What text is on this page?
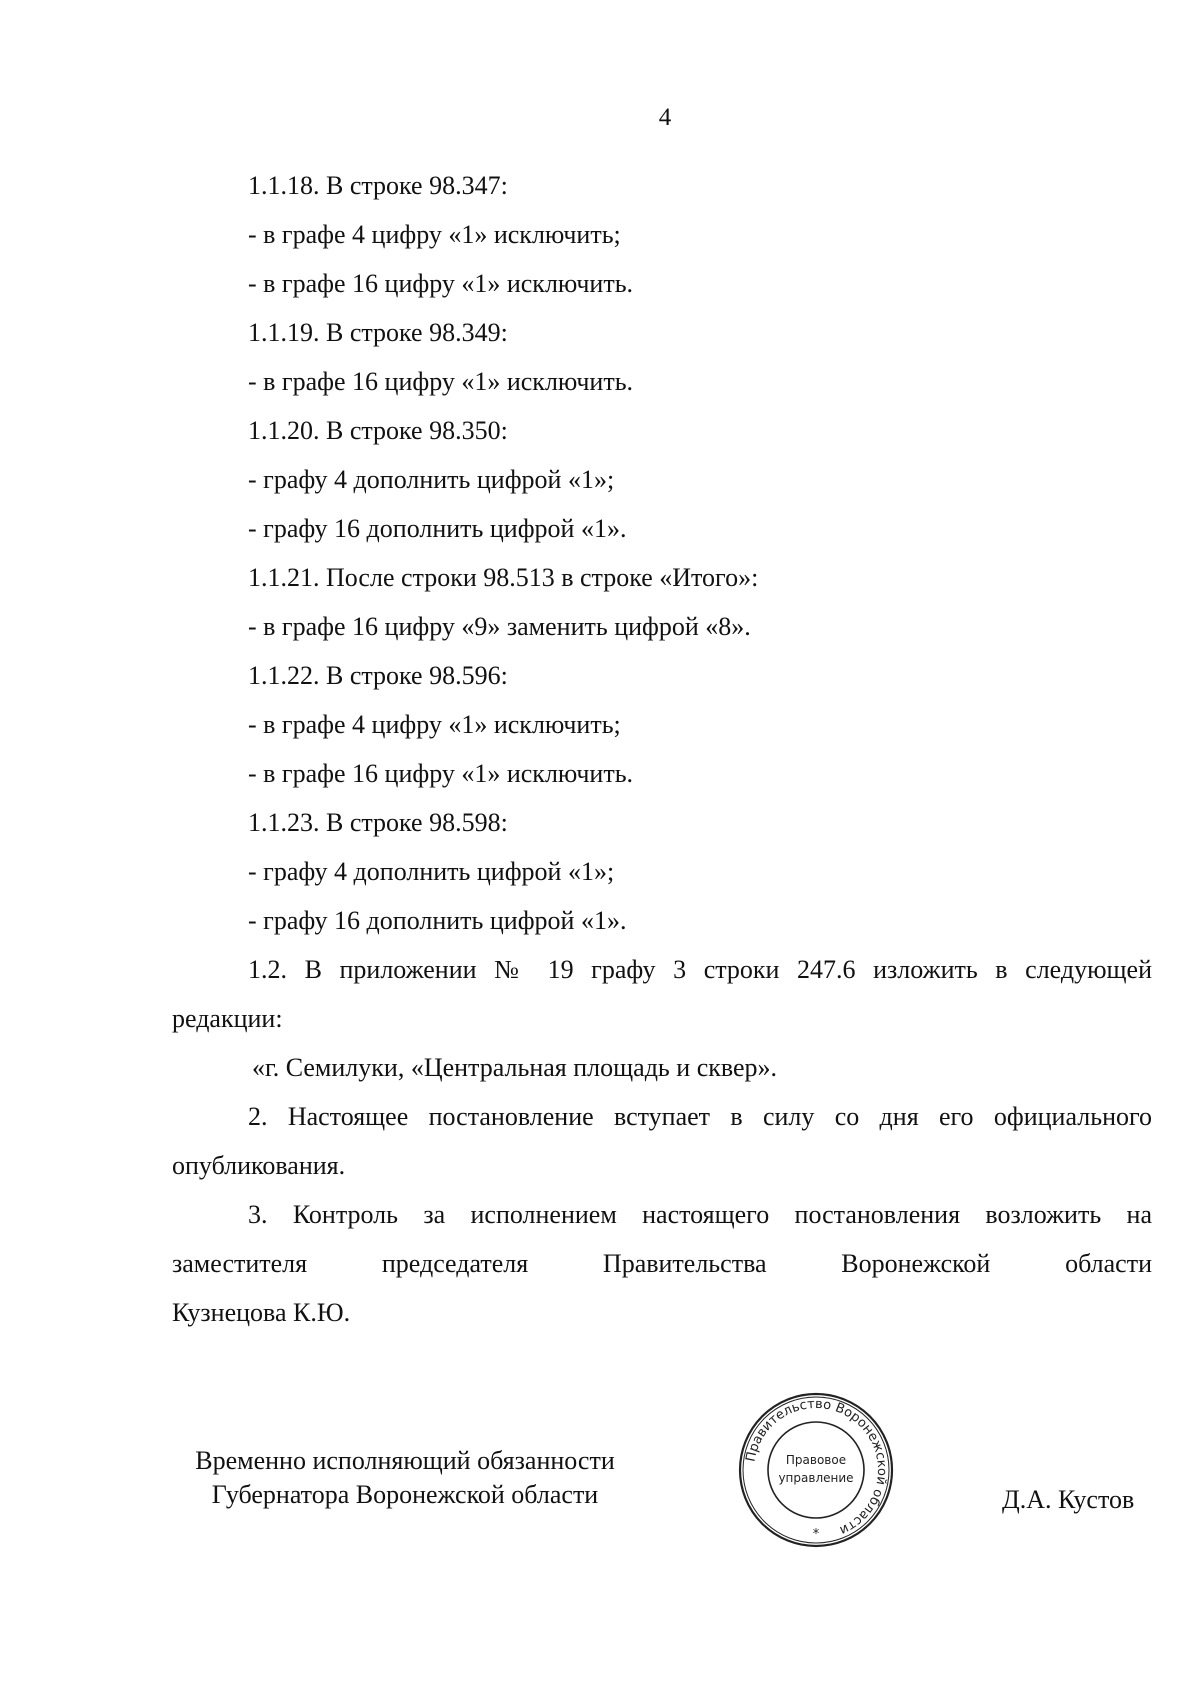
4
1.1.18. В строке 98.347:
- в графе 4 цифру «1» исключить;
- в графе 16 цифру «1» исключить.
1.1.19. В строке 98.349:
- в графе 16 цифру «1» исключить.
1.1.20. В строке 98.350:
- графу 4 дополнить цифрой «1»;
- графу 16 дополнить цифрой «1».
1.1.21. После строки 98.513 в строке «Итого»:
- в графе 16 цифру «9» заменить цифрой «8».
1.1.22. В строке 98.596:
- в графе 4 цифру «1» исключить;
- в графе 16 цифру «1» исключить.
1.1.23. В строке 98.598:
- графу 4 дополнить цифрой «1»;
- графу 16 дополнить цифрой «1».
1.2. В приложении № 19 графу 3 строки 247.6 изложить в следующей
редакции:
«г. Семилуки, «Центральная площадь и сквер».
2. Настоящее постановление вступает в силу со дня его официального
опубликования.
3. Контроль за исполнением настоящего постановления возложить на
заместителя председателя Правительства Воронежской области
Кузнецова К.Ю.
Временно исполняющий обязанности
Губернатора Воронежской области
Правительство Воронежской области
Правовое
управление
*
Д.А. Кустов
